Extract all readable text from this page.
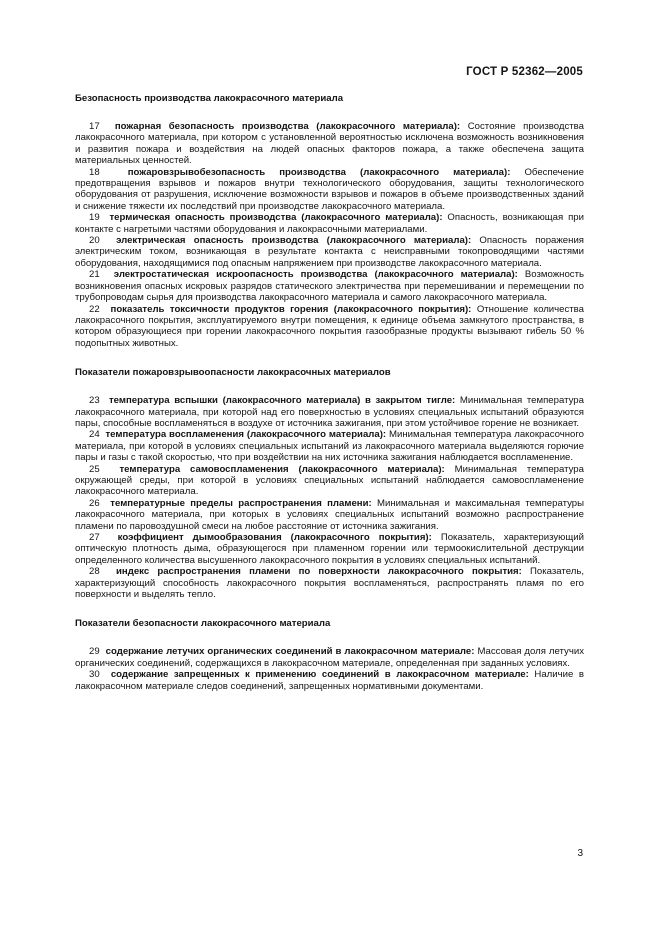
ГОСТ Р 52362—2005
Безопасность производства лакокрасочного материала

17 пожарная безопасность производства (лакокрасочного материала): Состояние производства лакокрасочного материала, при котором с установленной вероятностью исключена возможность возникновения и развития пожара и воздействия на людей опасных факторов пожара, а также обеспечена защита материальных ценностей.

18	пожаровзрывобезопасность производства (лакокрасочного материала): Обеспечение предотвращения взрывов и пожаров внутри технологического оборудования, защиты технологического оборудования от разрушения, исключение возможности взрывов и пожаров в объеме производственных зданий и снижение тяжести их последствий при производстве лакокрасочного материала.

19 термическая опасность производства (лакокрасочного материала): Опасность, возникающая при контакте с нагретыми частями оборудования и лакокрасочными материалами.

20 электрическая опасность производства (лакокрасочного материала): Опасность поражения электрическим током, возникающая в результате контакта с неисправными токопроводящими частями оборудования, находящимися под опасным напряжением при производстве лакокрасочного материала.

21 электростатическая искроопасность производства (лакокрасочного материала): Возможность возникновения опасных искровых разрядов статического электричества при перемешивании и перемещении по трубопроводам сырья для производства лакокрасочного материала и самого лакокрасочного материала.

22 показатель токсичности продуктов горения (лакокрасочного покрытия): Отношение количества лакокрасочного покрытия, эксплуатируемого внутри помещения, к единице объема замкнутого пространства, в котором образующиеся при горении лакокрасочного покрытия газообразные продукты вызывают гибель 50 % подопытных животных.

Показатели пожаровзрывоопасности лакокрасочных материалов

23 температура вспышки (лакокрасочного материала) в закрытом тигле: Минимальная температура лакокрасочного материала, при которой над его поверхностью в условиях специальных испытаний образуются пары, способные воспламеняться в воздухе от источника зажигания, при этом устойчивое горение не возникает.

24 температура воспламенения (лакокрасочного материала): Минимальная температура лакокрасочного материала, при которой в условиях специальных испытаний из лакокрасочного материала выделяются горючие пары и газы с такой скоростью, что при воздействии на них источника зажигания наблюдается воспламенение.

25 температура самовоспламенения (лакокрасочного материала): Минимальная температура окружающей среды, при которой в условиях специальных испытаний наблюдается самовоспламенение лакокрасочного материала.

26 температурные пределы распространения пламени: Минимальная и максимальная температуры лакокрасочного материала, при которых в условиях специальных испытаний возможно распространение пламени по паровоздушной смеси на любое расстояние от источника зажигания.

27 коэффициент дымообразования (лакокрасочного покрытия): Показатель, характеризующий оптическую плотность дыма, образующегося при пламенном горении или термоокислительной деструкции определенного количества высушенного лакокрасочного покрытия в условиях специальных испытаний.

28 индекс распространения пламени по поверхности лакокрасочного покрытия: Показатель, характеризующий способность лакокрасочного покрытия воспламеняться, распространять пламя по его поверхности и выделять тепло.

Показатели безопасности лакокрасочного материала

29 содержание летучих органических соединений в лакокрасочном материале: Массовая доля летучих органических соединений, содержащихся в лакокрасочном материале, определенная при заданных условиях.

30 содержание запрещенных к применению соединений в лакокрасочном материале: Наличие в лакокрасочном материале следов соединений, запрещенных нормативными документами.

3
